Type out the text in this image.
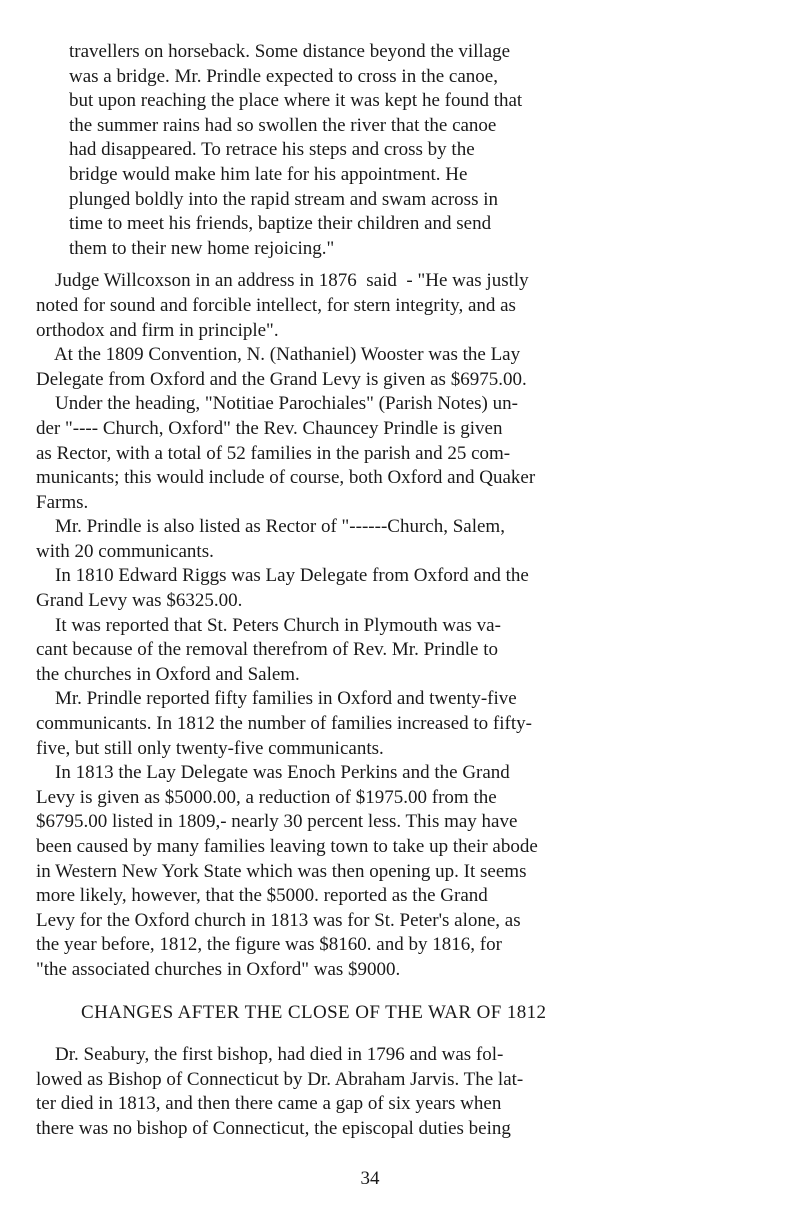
travellers on horseback. Some distance beyond the village
was a bridge. Mr. Prindle expected to cross in the canoe,
but upon reaching the place where it was kept he found that
the summer rains had so swollen the river that the canoe
had disappeared. To retrace his steps and cross by the
bridge would make him late for his appointment. He
plunged boldly into the rapid stream and swam across in
time to meet his friends, baptize their children and send
them to their new home rejoicing."
Judge Willcoxson in an address in 1876  said  - "He was justly
noted for sound and forcible intellect, for stern integrity, and as
orthodox and firm in principle".
At the 1809 Convention, N. (Nathaniel) Wooster was the Lay
Delegate from Oxford and the Grand Levy is given as $6975.00.
Under the heading, "Notitiae Parochiales" (Parish Notes) un-
der "---- Church, Oxford" the Rev. Chauncey Prindle is given
as Rector, with a total of 52 families in the parish and 25 com-
municants; this would include of course, both Oxford and Quaker
Farms.
Mr. Prindle is also listed as Rector of "------Church, Salem,
with 20 communicants.
In 1810 Edward Riggs was Lay Delegate from Oxford and the
Grand Levy was $6325.00.
It was reported that St. Peters Church in Plymouth was va-
cant because of the removal therefrom of Rev. Mr. Prindle to
the churches in Oxford and Salem.
Mr. Prindle reported fifty families in Oxford and twenty-five
communicants. In 1812 the number of families increased to fifty-
five, but still only twenty-five communicants.
In 1813 the Lay Delegate was Enoch Perkins and the Grand
Levy is given as $5000.00, a reduction of $1975.00 from the
$6795.00 listed in 1809,- nearly 30 percent less. This may have
been caused by many families leaving town to take up their abode
in Western New York State which was then opening up. It seems
more likely, however, that the $5000. reported as the Grand
Levy for the Oxford church in 1813 was for St. Peter's alone, as
the year before, 1812, the figure was $8160. and by 1816, for
"the associated churches in Oxford" was $9000.
CHANGES AFTER THE CLOSE OF THE WAR OF 1812
Dr. Seabury, the first bishop, had died in 1796 and was fol-
lowed as Bishop of Connecticut by Dr. Abraham Jarvis. The lat-
ter died in 1813, and then there came a gap of six years when
there was no bishop of Connecticut, the episcopal duties being
34
